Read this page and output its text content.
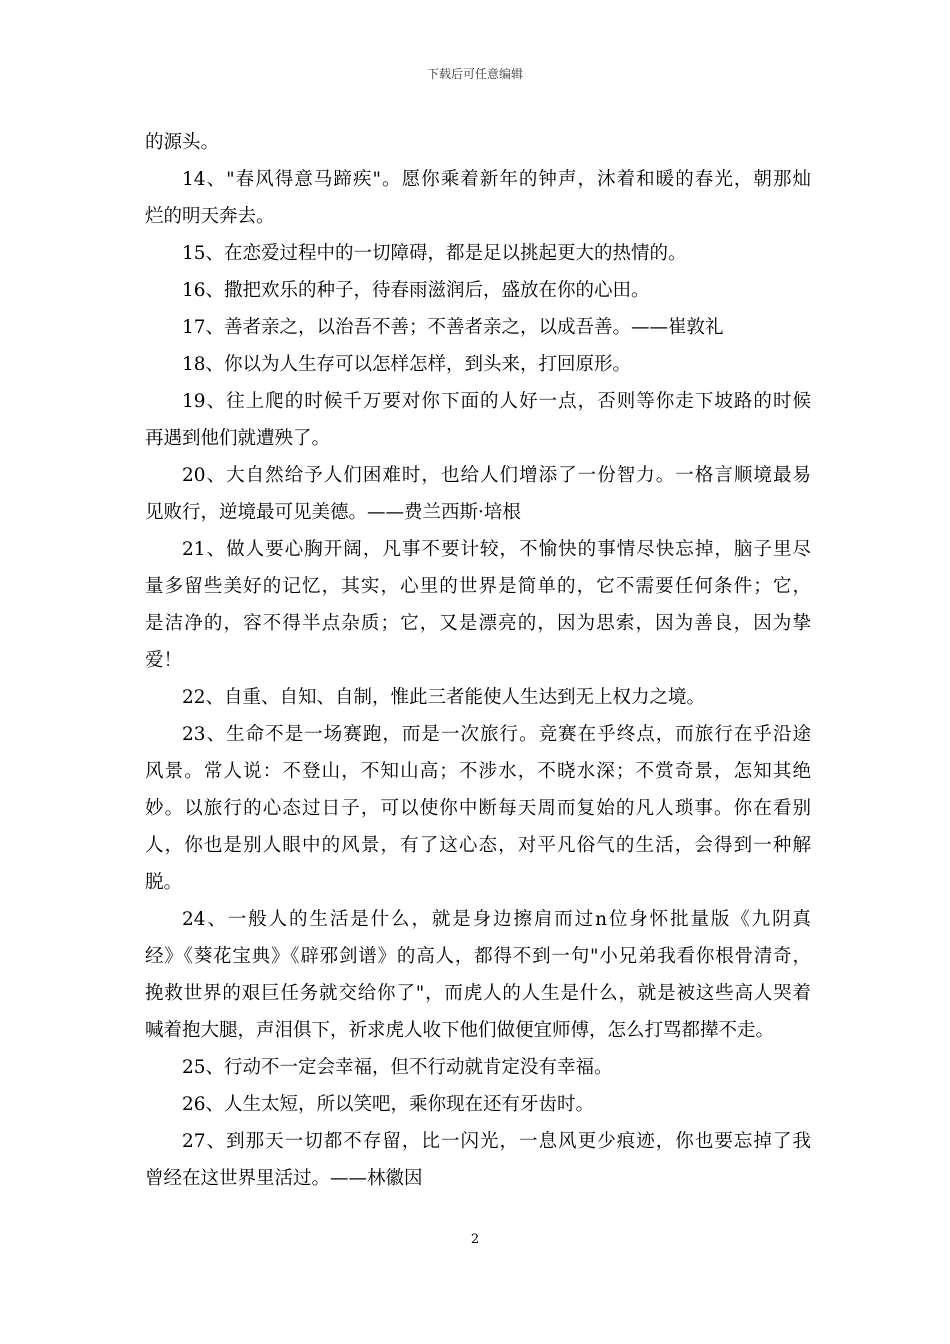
下载后可任意编辑
的源头。
14、"春风得意马蹄疾"。愿你乘着新年的钟声，沐着和暖的春光，朝那灿
烂的明天奔去。
15、在恋爱过程中的一切障碍，都是足以挑起更大的热情的。
16、撒把欢乐的种子，待春雨滋润后，盛放在你的心田。
17、善者亲之，以治吾不善；不善者亲之，以成吾善。——崔敦礼
18、你以为人生存可以怎样怎样，到头来，打回原形。
19、往上爬的时候千万要对你下面的人好一点，否则等你走下坡路的时候
再遇到他们就遭殃了。
20、大自然给予人们困难时，也给人们增添了一份智力。一格言顺境最易
见败行，逆境最可见美德。——费兰西斯·培根
21、做人要心胸开阔，凡事不要计较，不愉快的事情尽快忘掉，脑子里尽
量多留些美好的记忆，其实，心里的世界是简单的，它不需要任何条件；它，
是洁净的，容不得半点杂质；它，又是漂亮的，因为思索，因为善良，因为挚
爱！
22、自重、自知、自制，惟此三者能使人生达到无上权力之境。
23、生命不是一场赛跑，而是一次旅行。竞赛在乎终点，而旅行在乎沿途
风景。常人说：不登山，不知山高；不涉水，不晓水深；不赏奇景，怎知其绝
妙。以旅行的心态过日子，可以使你中断每天周而复始的凡人琐事。你在看别
人，你也是别人眼中的风景，有了这心态，对平凡俗气的生活，会得到一种解
脱。
24、一般人的生活是什么，就是身边擦肩而过n位身怀批量版《九阴真
经》《葵花宝典》《辟邪剑谱》的高人，都得不到一句"小兄弟我看你根骨清奇，
挽救世界的艰巨任务就交给你了"，而虎人的人生是什么，就是被这些高人哭着
喊着抱大腿，声泪俱下，祈求虎人收下他们做便宜师傅，怎么打骂都撵不走。
25、行动不一定会幸福，但不行动就肯定没有幸福。
26、人生太短，所以笑吧，乘你现在还有牙齿时。
27、到那天一切都不存留，比一闪光，一息风更少痕迹，你也要忘掉了我
曾经在这世界里活过。——林徽因
2
